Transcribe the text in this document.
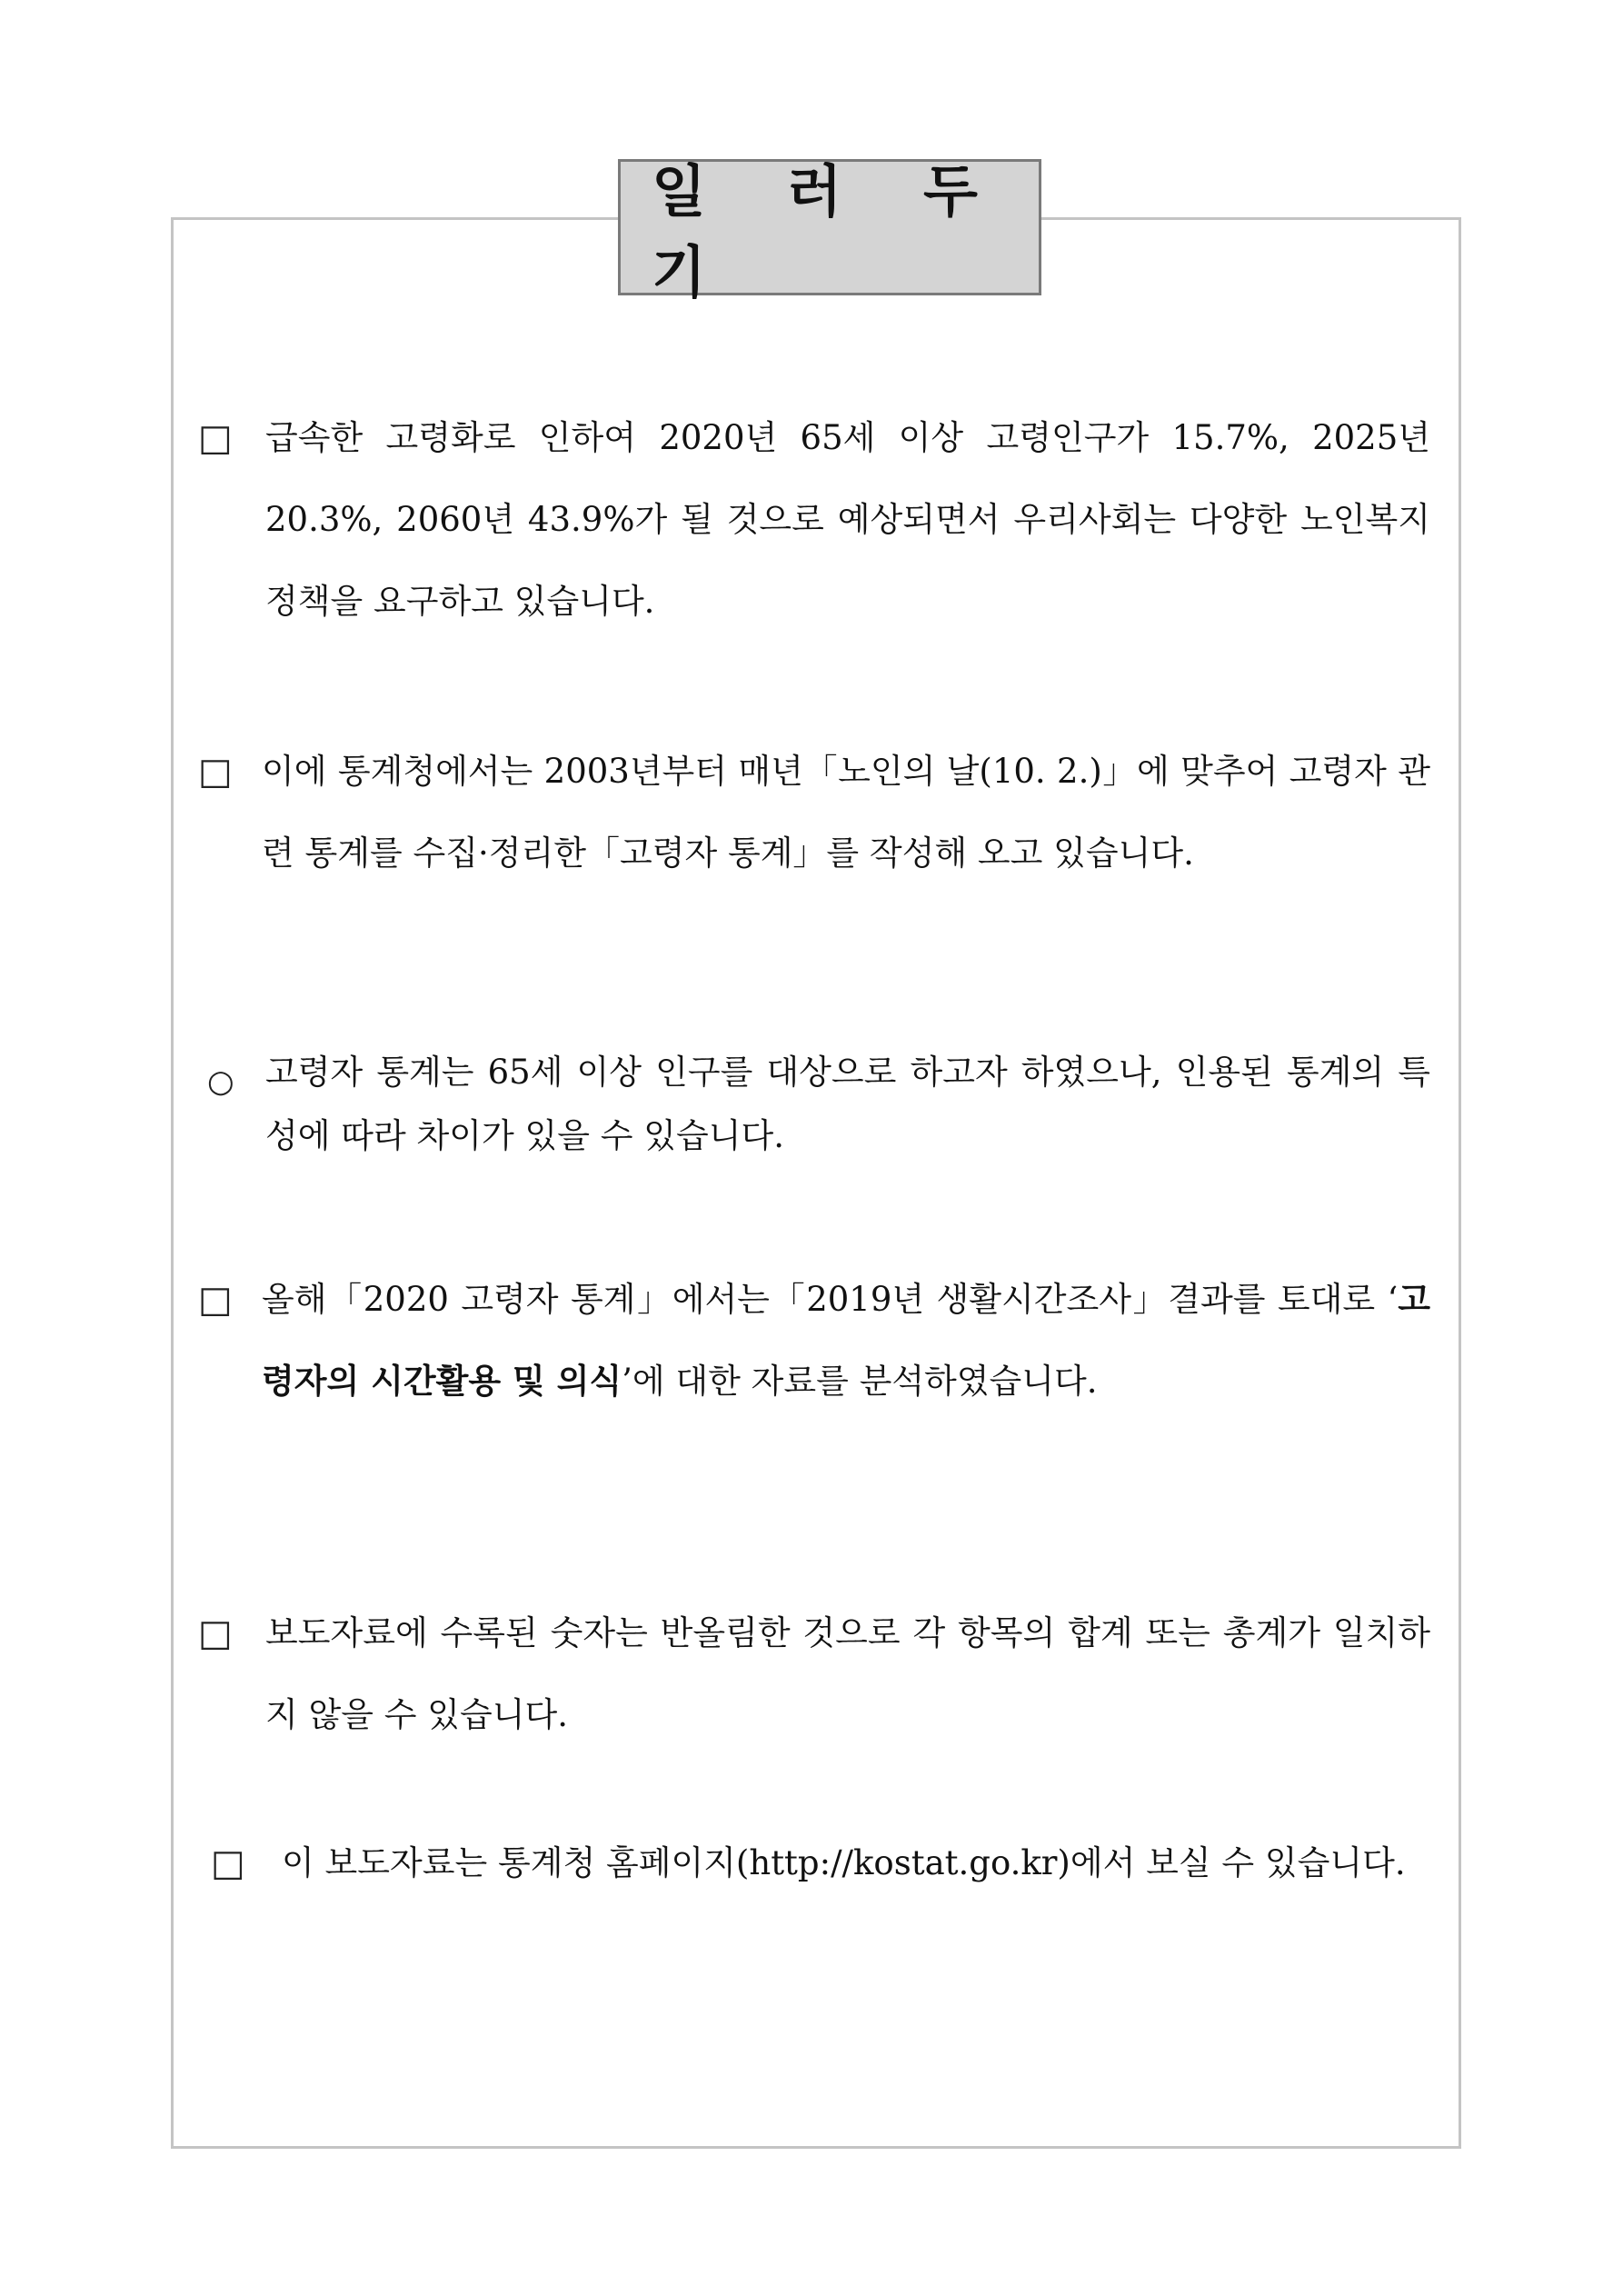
일 러 두 기
□ 급속한 고령화로 인하여 2020년 65세 이상 고령인구가 15.7%, 2025년 20.3%, 2060년 43.9%가 될 것으로 예상되면서 우리사회는 다양한 노인복지정책을 요구하고 있습니다.

□ 이에 통계청에서는 2003년부터 매년「노인의 날(10. 2.)」에 맞추어 고령자 관련 통계를 수집·정리한「고령자 통계」를 작성해 오고 있습니다.

○ 고령자 통계는 65세 이상 인구를 대상으로 하고자 하였으나, 인용된 통계의 특성에 따라 차이가 있을 수 있습니다.

□ 올해「2020 고령자 통계」에서는「2019년 생활시간조사」결과를 토대로 ‘고령자의 시간활용 및 의식’에 대한 자료를 분석하였습니다.

□ 보도자료에 수록된 숫자는 반올림한 것으로 각 항목의 합계 또는 총계가 일치하지 않을 수 있습니다.

□ 이 보도자료는 통계청 홈페이지(http://kostat.go.kr)에서 보실 수 있습니다.
